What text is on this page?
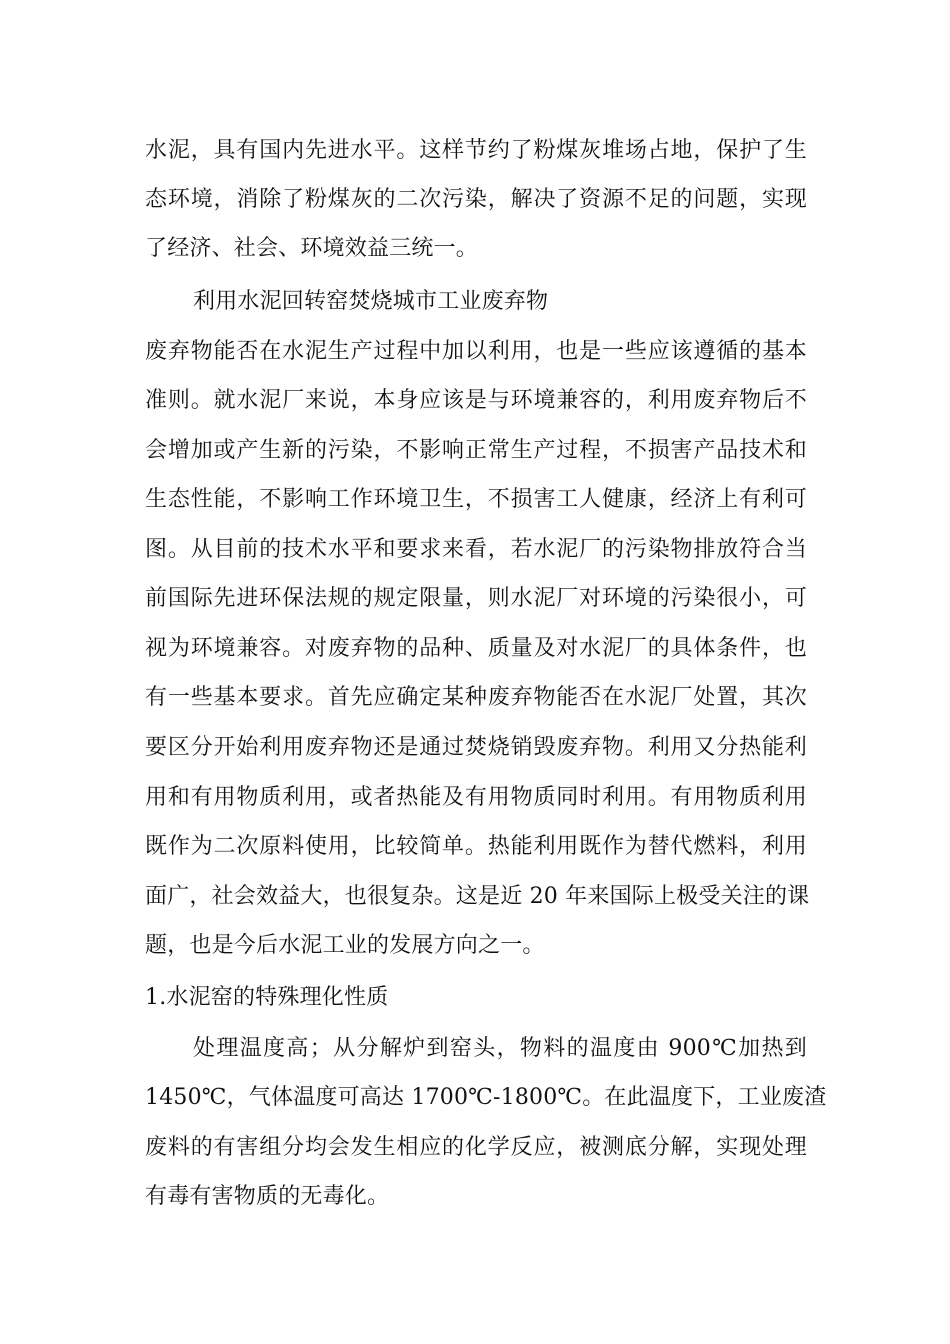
水泥，具有国内先进水平。这样节约了粉煤灰堆场占地，保护了生
态环境，消除了粉煤灰的二次污染，解决了资源不足的问题，实现
了经济、社会、环境效益三统一。
利用水泥回转窑焚烧城市工业废弃物
废弃物能否在水泥生产过程中加以利用，也是一些应该遵循的基本
准则。就水泥厂来说，本身应该是与环境兼容的，利用废弃物后不
会增加或产生新的污染，不影响正常生产过程，不损害产品技术和
生态性能，不影响工作环境卫生，不损害工人健康，经济上有利可
图。从目前的技术水平和要求来看，若水泥厂的污染物排放符合当
前国际先进环保法规的规定限量，则水泥厂对环境的污染很小，可
视为环境兼容。对废弃物的品种、质量及对水泥厂的具体条件，也
有一些基本要求。首先应确定某种废弃物能否在水泥厂处置，其次
要区分开始利用废弃物还是通过焚烧销毁废弃物。利用又分热能利
用和有用物质利用，或者热能及有用物质同时利用。有用物质利用
既作为二次原料使用，比较简单。热能利用既作为替代燃料，利用
面广，社会效益大，也很复杂。这是近 20 年来国际上极受关注的课
题，也是今后水泥工业的发展方向之一。
1.水泥窑的特殊理化性质
处理温度高；从分解炉到窑头，物料的温度由 900℃加热到
1450℃，气体温度可高达 1700℃-1800℃。在此温度下，工业废渣
废料的有害组分均会发生相应的化学反应，被测底分解，实现处理
有毒有害物质的无毒化。
